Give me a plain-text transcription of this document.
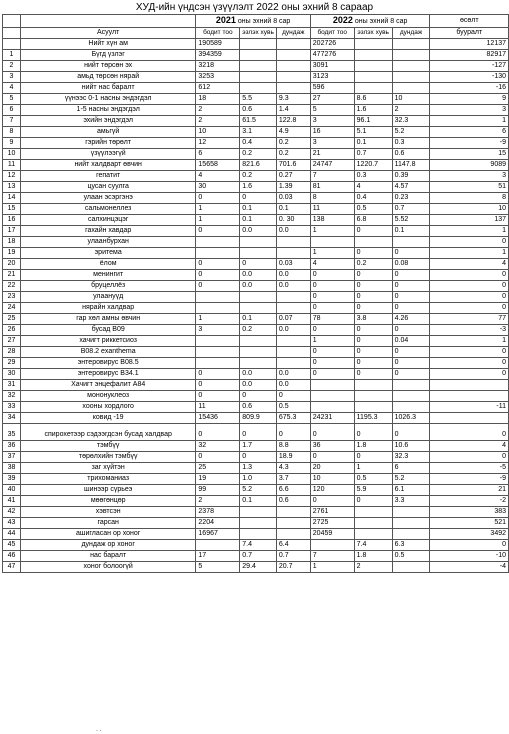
ХУД-ийн үндсэн үзүүлэлт 2022 оны эхний 8 сараар
		2021 оны эхний 8 сар			2022 оны эхний 8 сар			өсөлт
	Асуулт	бодит тоо	эзлэх хувь	дундаж	бодит тоо	эзлэх хувь	дундаж	бууралт
	Нийт хүн ам	190589			202726			12137
1	Бүгд үзлэг	394359			477276			82917
2	нийт төрсөн эх	3218			3091			-127
3	амьд төрсөн нярай	3253			3123			-130
4	нийт нас баралт	612			596			-16
5	үүнээс 0-1 насны эндэгдэл	18	5.5	9.3	27	8.6	10	9
6	1-5 насны эндэгдэл	2	0.6	1.4	5	1.6	2	3
7	эхийн эндэгдэл	2	61.5	122.8	3	96.1	32.3	1
8	амьгүй	10	3.1	4.9	16	5.1	5.2	6
9	гэрийн төрөлт	12	0.4	0.2	3	0.1	0.3	-9
10	үзүүлээгүй	6	0.2	0.2	21	0.7	0.6	15
11	нийт халдварт өвчин	15658	821.6	701.6	24747	1220.7	1147.8	9089
12	гепатит	4	0.2	0.27	7	0.3	0.39	3
13	цусан суулга	30	1.6	1.39	81	4	4.57	51
14	улаан эсэргэнэ	0	0	0.03	8	0.4	0.23	8
15	сальмонеллез	1	0.1	0.1	11	0.5	0.7	10
16	салхинцэцэг	1	0.1	0. 30	138	6.8	5.52	137
17	гахайн хавдар	0	0.0	0.0	1	0	0.1	1
18	улаанбурхан							0
19	эритема				1	0	0	1
20	ёлом	0	0	0.03	4	0.2	0.08	4
21	менингит	0	0.0	0.0	0	0	0	0
22	бруцеллёз	0	0.0	0.0	0	0	0	0
23	улаануүд				0	0	0	0
24	нярайн халдвар				0	0	0	0
25	гар хөл амны өвчин	1	0.1	0.07	78	3.8	4.26	77
26	бусад B09	3	0.2	0.0	0	0	0	-3
27	хачигт риккетсиоз				1	0	0.04	1
28	B08.2 exanthema				0	0	0	0
29	энтеровирус B08.5				0	0	0	0
30	энтеровирус B34.1	0	0.0	0.0	0	0	0	0
31	Хачигт энцефалит A84	0	0.0	0.0				
32	мононуклеоз	0	0	0				
33	хооны хордлого	11	0.6	0.5				-11
34	ковид -19	15436	809.9	675.3	24231	1195.3	1026.3	
35	спирохетээр сэдээгдсэн бусад халдвар	0	0	0	0	0	0	0
36	тэмбүү	32	1.7	8.8	36	1.8	10.6	4
37	төрөлхийн тэмбүү	0	0	18.9	0	0	32.3	0
38	заг хүйтэн	25	1.3	4.3	20	1	6	-5
39	трихоманиаз	19	1.0	3.7	10	0.5	5.2	-9
40	шинээр сүрьеэ	99	5.2	6.6	120	5.9	6.1	21
41	мөөгөнцөр	2	0.1	0.6	0	0	3.3	-2
42	хэвтсэн	2378			2761			383
43	гарсан	2204			2725			521
44	ашигласан ор хоног	16967			20459			3492
45	дундаж ор хоног		7.4	6.4		7.4	6.3	0
46	нас баралт	17	0.7	0.7	7	1.8	0.5	-10
47	хоног болоогүй	5	29.4	20.7	1	2		-4
· ·
